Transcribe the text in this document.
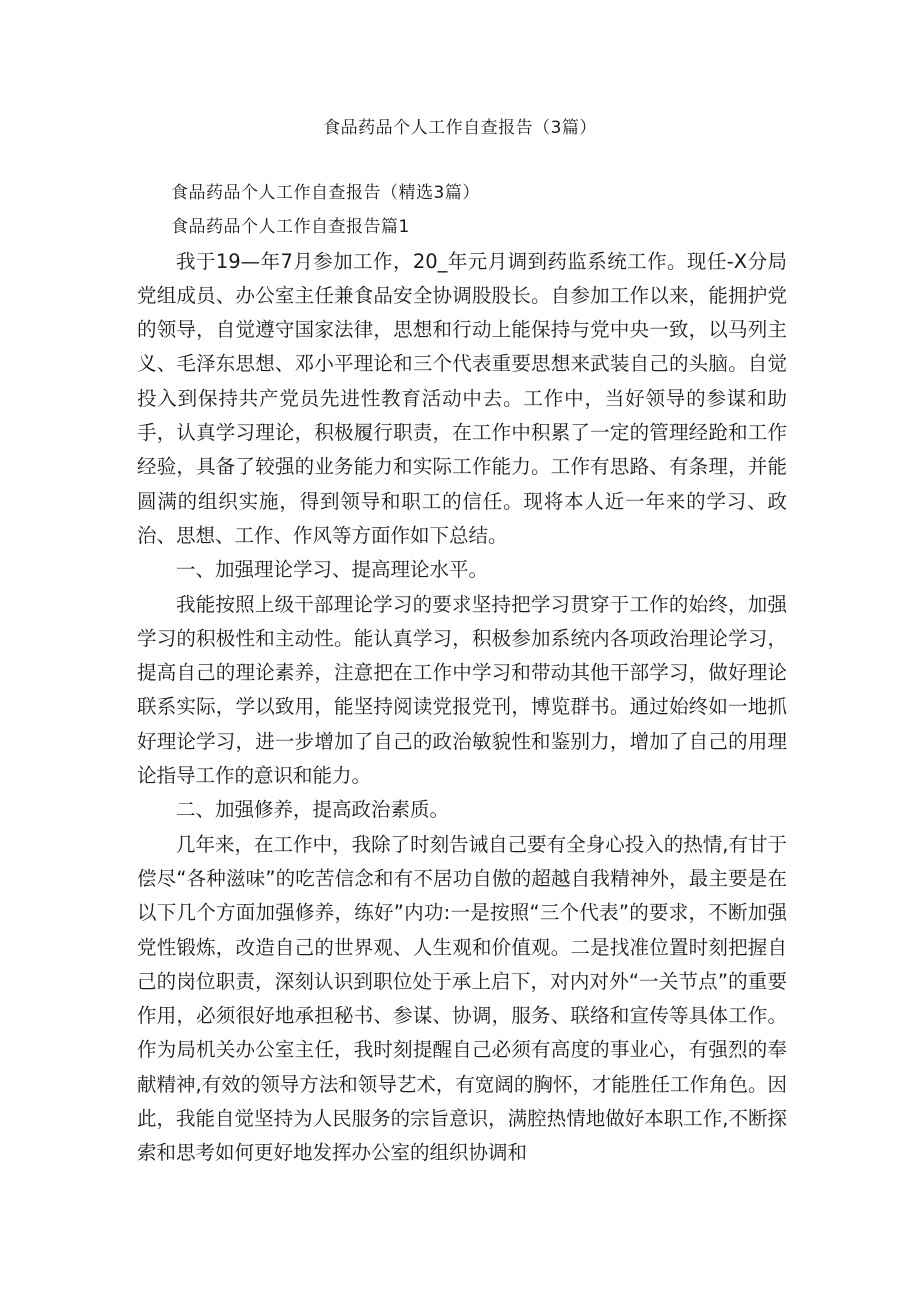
食品药品个人工作自查报告（3篇）

食品药品个人工作自查报告（精选3篇）

食品药品个人工作自查报告篇1

我于19—年7月参加工作，20_年元月调到药监系统工作。现任-X分局党组成员、办公室主任兼食品安全协调股股长。自参加工作以来，能拥护党的领导，自觉遵守国家法律，思想和行动上能保持与党中央一致，以马列主义、毛泽东思想、邓小平理论和三个代表重要思想来武装自己的头脑。自觉投入到保持共产党员先进性教育活动中去。工作中，当好领导的参谋和助手，认真学习理论，积极履行职责，在工作中积累了一定的管理经跄和工作经验，具备了较强的业务能力和实际工作能力。工作有思路、有条理，并能圆满的组织实施，得到领导和职工的信任。现将本人近一年来的学习、政治、思想、工作、作风等方面作如下总结。

一、加强理论学习、提高理论水平。

我能按照上级干部理论学习的要求坚持把学习贯穿于工作的始终，加强学习的积极性和主动性。能认真学习，积极参加系统内各项政治理论学习，提高自己的理论素养，注意把在工作中学习和带动其他干部学习，做好理论联系实际，学以致用，能坚持阅读党报党刊，博览群书。通过始终如一地抓好理论学习，进一步增加了自己的政治敏貌性和鉴别力，增加了自己的用理论指导工作的意识和能力。

二、加强修养，提高政治素质。

几年来，在工作中，我除了时刻告诫自己要有全身心投入的热情,有甘于偿尽“各种滋味”的吃苦信念和有不居功自傲的超越自我精神外，最主要是在以下几个方面加强修养，练好”内功:一是按照“三个代表”的要求，不断加强党性锻炼，改造自己的世界观、人生观和价值观。二是找准位置时刻把握自己的岗位职责，深刻认识到职位处于承上启下，对内对外“一关节点”的重要作用，必须很好地承担秘书、参谋、协调，服务、联络和宣传等具体工作。作为局机关办公室主任，我时刻提醒自己必须有高度的事业心，有强烈的奉献精神,有效的领导方法和领导艺术，有宽阔的胸怀，才能胜任工作角色。因此，我能自觉坚持为人民服务的宗旨意识，满腔热情地做好本职工作,不断探索和思考如何更好地发挥办公室的组织协调和
